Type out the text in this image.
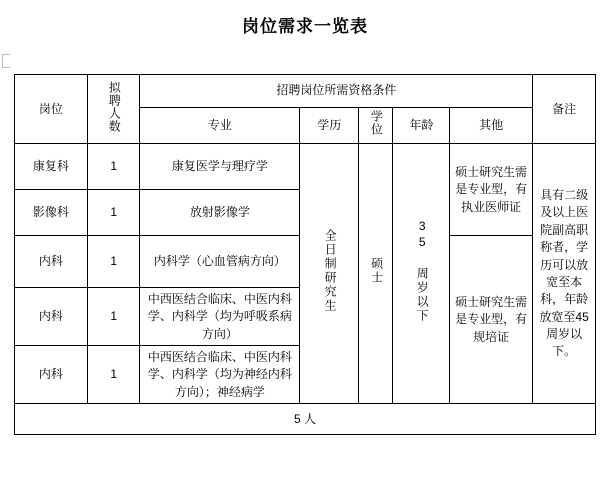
岗位需求一览表
岗位	拟聘人数	招聘岗位所需资格条件					备注
		专业	学历	学位	年龄	其他	
康复科	1	康复医学与理疗学	全日制研究生	硕士	35 周岁以下	硕士研究生需是专业型，有执业医师证	具有二级及以上医院副高职称者，学历可以放宽至本科，年龄放宽至45 周岁以下。
影像科	1	放射影像学					
内科	1	内科学（心血管病方向）				硕士研究生需是专业型，有规培证	
内科	1	中西医结合临床、中医内科学、内科学（均为呼吸系病方向）					
内科	1	中西医结合临床、中医内科学、内科学（均为神经内科方向）；神经病学					
5 人							
